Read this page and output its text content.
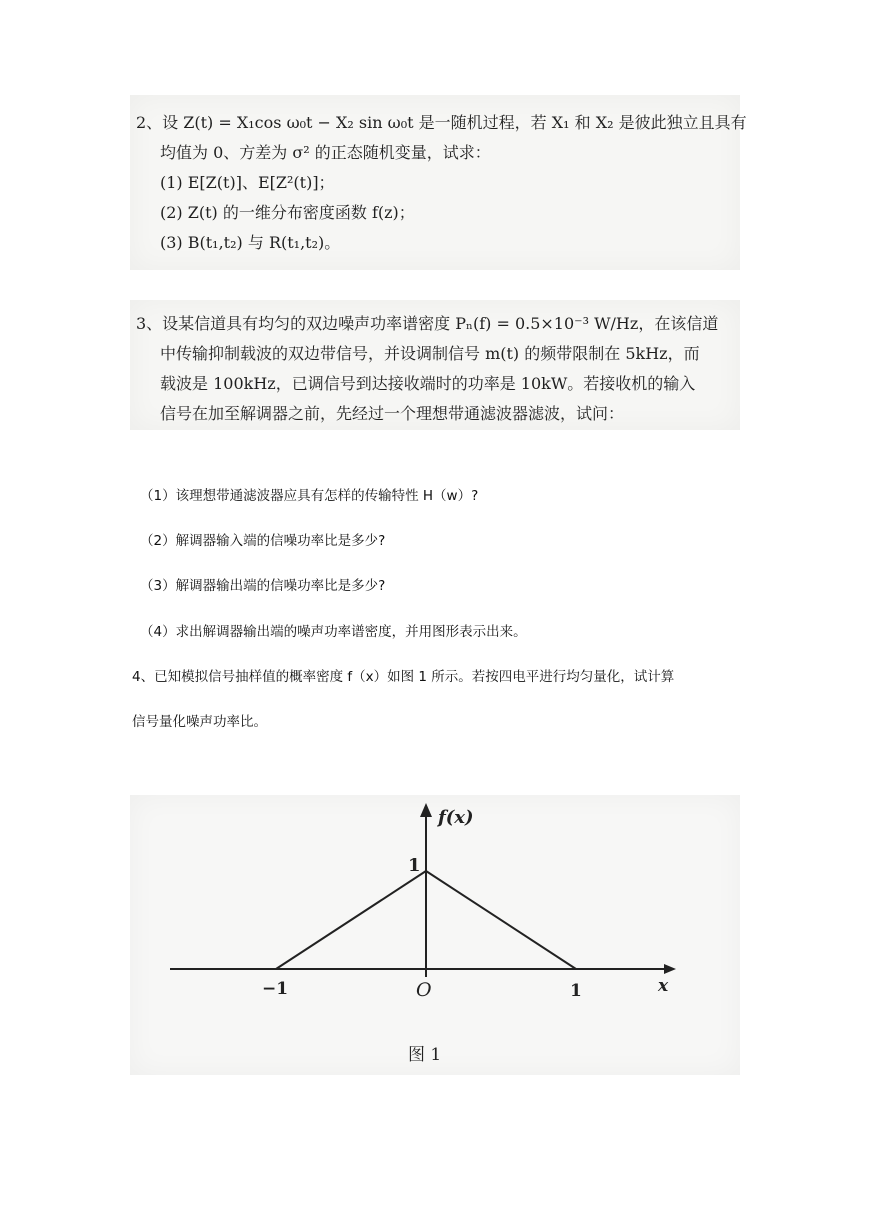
2、设 Z(t) = X₁cos ω₀t − X₂ sin ω₀t 是一随机过程，若 X₁ 和 X₂ 是彼此独立且具有
均值为 0、方差为 σ² 的正态随机变量，试求：
(1) E[Z(t)]、E[Z²(t)]；
(2) Z(t) 的一维分布密度函数 f(z)；
(3) B(t₁,t₂) 与 R(t₁,t₂)。
3、设某信道具有均匀的双边噪声功率谱密度 Pₙ(f) = 0.5×10⁻³ W/Hz，在该信道
中传输抑制载波的双边带信号，并设调制信号 m(t) 的频带限制在 5kHz，而
载波是 100kHz，已调信号到达接收端时的功率是 10kW。若接收机的输入
信号在加至解调器之前，先经过一个理想带通滤波器滤波，试问：
（1）该理想带通滤波器应具有怎样的传输特性 H（w）?
（2）解调器输入端的信噪功率比是多少?
（3）解调器输出端的信噪功率比是多少?
（4）求出解调器输出端的噪声功率谱密度，并用图形表示出来。
4、已知模拟信号抽样值的概率密度 f（x）如图 1 所示。若按四电平进行均匀量化，试计算
信号量化噪声功率比。
f(x)
x
1
O
−1	1
图 1
